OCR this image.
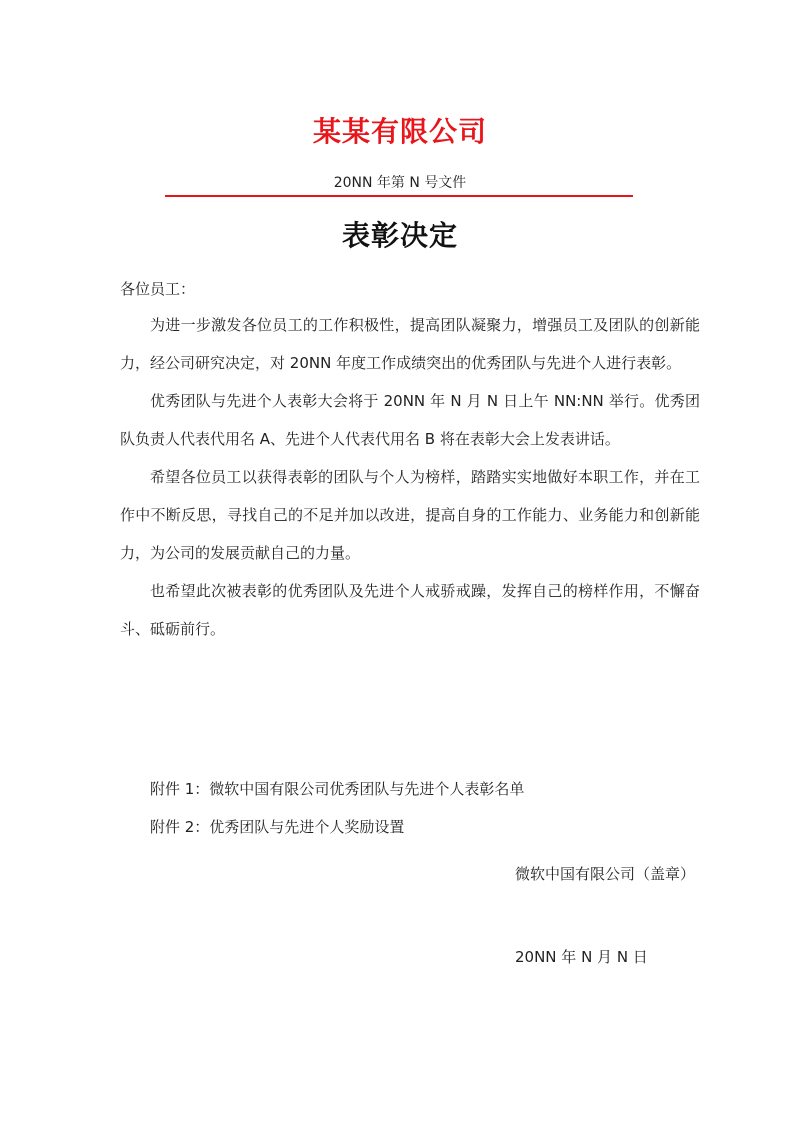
某某有限公司
20NN 年第 N 号文件
表彰决定
各位员工：

为进一步激发各位员工的工作积极性，提高团队凝聚力，增强员工及团队的创新能力，经公司研究决定，对 20NN 年度工作成绩突出的优秀团队与先进个人进行表彰。

优秀团队与先进个人表彰大会将于 20NN 年 N 月 N 日上午 NN:NN 举行。优秀团队负责人代表代用名 A、先进个人代表代用名 B 将在表彰大会上发表讲话。

希望各位员工以获得表彰的团队与个人为榜样，踏踏实实地做好本职工作，并在工作中不断反思，寻找自己的不足并加以改进，提高自身的工作能力、业务能力和创新能力，为公司的发展贡献自己的力量。

也希望此次被表彰的优秀团队及先进个人戒骄戒躁，发挥自己的榜样作用，不懈奋斗、砥砺前行。

附件 1：微软中国有限公司优秀团队与先进个人表彰名单

附件 2：优秀团队与先进个人奖励设置

微软中国有限公司（盖章）

20NN 年 N 月 N 日
